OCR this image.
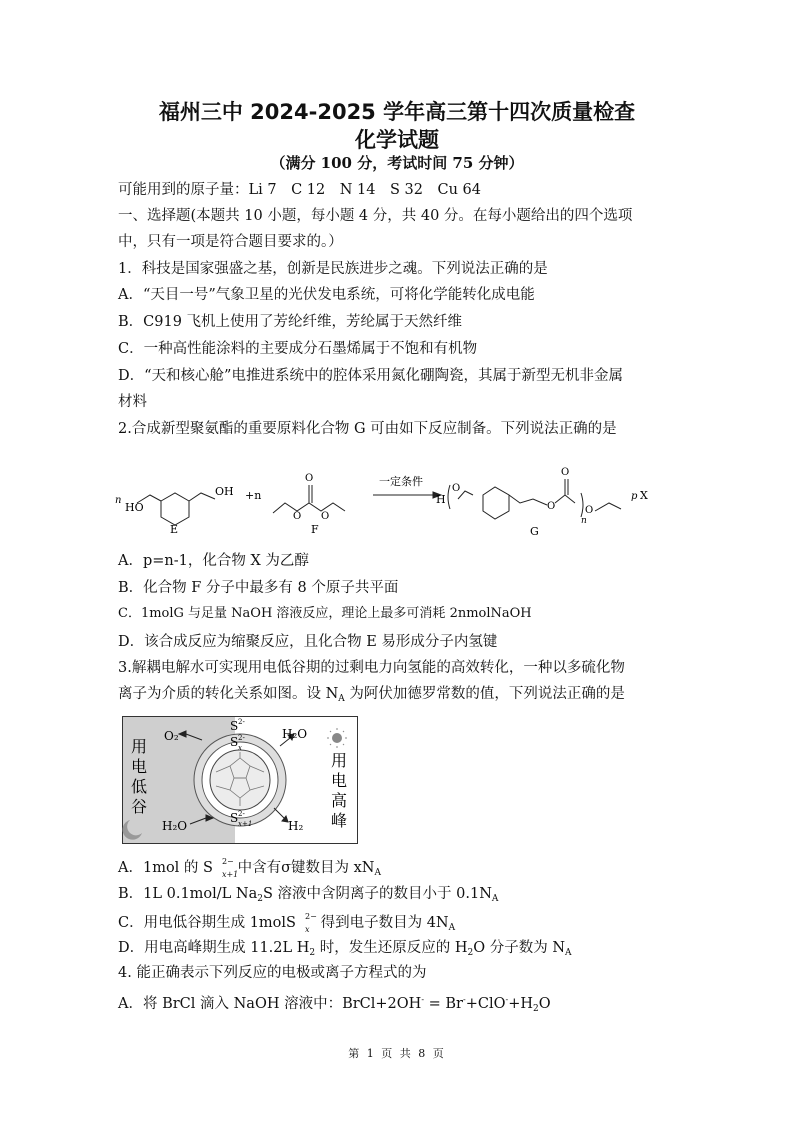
福州三中 2024-2025 学年高三第十四次质量检查
化学试题
（满分 100 分，考试时间 75 分钟）
可能用到的原子量：Li 7　C 12　N 14　S 32　Cu 64
一、选择题(本题共 10 小题，每小题 4 分，共 40 分。在每小题给出的四个选项
中，只有一项是符合题目要求的。）
1．科技是国家强盛之基，创新是民族进步之魂。下列说法正确的是
A．“天目一号”气象卫星的光伏发电系统，可将化学能转化成电能
B．C919 飞机上使用了芳纶纤维，芳纶属于天然纤维
C．一种高性能涂料的主要成分石墨烯属于不饱和有机物
D．“天和核心舱”电推进系统中的腔体采用氮化硼陶瓷，其属于新型无机非金属
材料
2.合成新型聚氨酯的重要原料化合物 G 可由如下反应制备。下列说法正确的是
n
HO
OH
E
+n
O
O O
F
一定条件
H
O
O
O
O
n
p X
G
A．p=n-1，化合物 X 为乙醇
B．化合物 F 分子中最多有 8 个原子共平面
C．1molG 与足量 NaOH 溶液反应，理论上最多可消耗 2nmolNaOH
D．该合成反应为缩聚反应，且化合物 E 易形成分子内氢键
3.解耦电解水可实现用电低谷期的过剩电力向氢能的高效转化，一种以多硫化物
离子为介质的转化关系如图。设 $N_A$ 为阿伏加德罗常数的值，下列说法正确的是
用
电
低
谷
用
电
高
峰
O₂	H₂O
H₂O	H₂
S 2-
S 2-
x
S 2-
x+1
A．1mol 的 S 2−
x+1
中含有σ键数目为 $xN_A$
B．1L 0.1mol/L $Na_2S$ 溶液中含阴离子的数目小于 $0.1N_A$
C．用电低谷期生成 1molS 2−
x 得到电子数目为 $4N_A$
D．用电高峰期生成 11.2L $H_2$ 时，发生还原反应的 $H_2O$ 分子数为 $N_A$
4. 能正确表示下列反应的电极或离子方程式的为
A．将 BrCl 滴入 NaOH 溶液中：BrCl+2OH- = $Br^-+ClO^-+H_2O$
第 1 页 共 8 页
